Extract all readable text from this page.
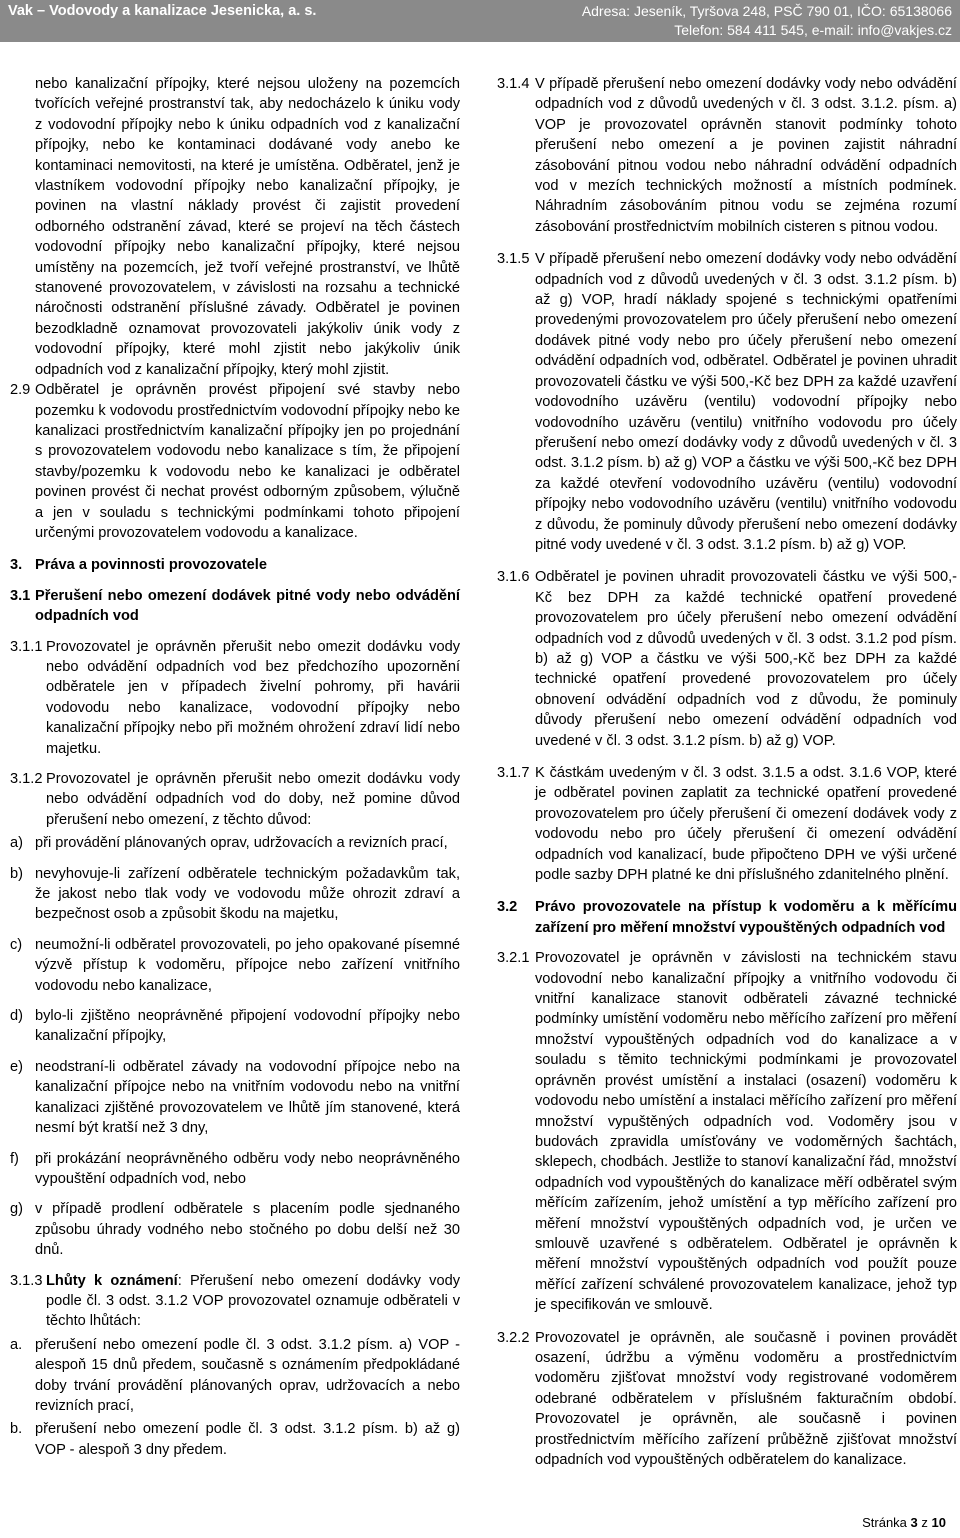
Vak – Vodovody a kanalizace Jesenicka, a. s.	Adresa: Jeseník, Tyršova 248, PSČ 790 01, IČO: 65138066
Telefon: 584 411 545, e-mail: info@vakjes.cz

nebo kanalizační přípojky, které nejsou uloženy na pozemcích tvořících veřejné prostranství tak, aby nedocházelo k úniku vody z vodovodní přípojky nebo k úniku odpadních vod z kanalizační přípojky, nebo ke kontaminaci dodávané vody anebo ke kontaminaci nemovitosti, na které je umístěna. Odběratel, jenž je vlastníkem vodovodní přípojky nebo kanalizační přípojky, je povinen na vlastní náklady provést či zajistit provedení odborného odstranění závad, které se projeví na těch částech vodovodní přípojky nebo kanalizační přípojky, které nejsou umístěny na pozemcích, jež tvoří veřejné prostranství, ve lhůtě stanovené provozovatelem, v závislosti na rozsahu a technické náročnosti odstranění příslušné závady. Odběratel je povinen bezodkladně oznamovat provozovateli jakýkoliv únik vody z vodovodní přípojky, které mohl zjistit nebo jakýkoliv únik odpadních vod z kanalizační přípojky, který mohl zjistit.

2.9 Odběratel je oprávněn provést připojení své stavby nebo pozemku k vodovodu prostřednictvím vodovodní přípojky nebo ke kanalizaci prostřednictvím kanalizační přípojky jen po projednání s provozovatelem vodovodu nebo kanalizace s tím, že připojení stavby/pozemku k vodovodu nebo ke kanalizaci je odběratel povinen provést či nechat provést odborným způsobem, výlučně a jen v souladu s technickými podmínkami tohoto připojení určenými provozovatelem vodovodu a kanalizace.
3. Práva a povinnosti provozovatele
3.1 Přerušení nebo omezení dodávek pitné vody nebo odvádění odpadních vod
3.1.1 Provozovatel je oprávněn přerušit nebo omezit dodávku vody nebo odvádění odpadních vod bez předchozího upozornění odběratele jen v případech živelní pohromy, při havárii vodovodu nebo kanalizace, vodovodní přípojky nebo kanalizační přípojky nebo při možném ohrožení zdraví lidí nebo majetku.
3.1.2 Provozovatel je oprávněn přerušit nebo omezit dodávku vody nebo odvádění odpadních vod do doby, než pomine důvod přerušení nebo omezení, z těchto důvod:
a) při provádění plánovaných oprav, udržovacích a revizních prací,
b) nevyhovuje-li zařízení odběratele technickým požadavkům tak, že jakost nebo tlak vody ve vodovodu může ohrozit zdraví a bezpečnost osob a způsobit škodu na majetku,
c) neumožní-li odběratel provozovateli, po jeho opakované písemné výzvě přístup k vodoměru, přípojce nebo zařízení vnitřního vodovodu nebo kanalizace,
d) bylo-li zjištěno neoprávněné připojení vodovodní přípojky nebo kanalizační přípojky,
e) neodstraní-li odběratel závady na vodovodní přípojce nebo na kanalizační přípojce nebo na vnitřním vodovodu nebo na vnitřní kanalizaci zjištěné provozovatelem ve lhůtě jím stanovené, která nesmí být kratší než 3 dny,
f)	při prokázání neoprávněného odběru vody nebo neoprávněného vypouštění odpadních vod, nebo
g) v případě prodlení odběratele s placením podle sjednaného způsobu úhrady vodného nebo stočného po dobu delší než 30 dnů.
3.1.3 Lhůty k oznámení: Přerušení nebo omezení dodávky vody podle čl. 3 odst. 3.1.2 VOP provozovatel oznamuje odběrateli v těchto lhůtách:
a. přerušení nebo omezení podle čl. 3 odst. 3.1.2 písm. a) VOP - alespoň 15 dnů předem, současně s oznámením předpokládané doby trvání provádění plánovaných oprav, udržovacích a nebo revizních prací,
b. přerušení nebo omezení podle čl. 3 odst. 3.1.2 písm. b) až g) VOP - alespoň 3 dny předem.
3.1.4 V případě přerušení nebo omezení dodávky vody nebo odvádění odpadních vod z důvodů uvedených v čl. 3 odst. 3.1.2. písm. a) VOP je provozovatel oprávněn stanovit podmínky tohoto přerušení nebo omezení a je povinen zajistit náhradní zásobování pitnou vodou nebo náhradní odvádění odpadních vod v mezích technických možností a místních podmínek. Náhradním zásobováním pitnou vodu se zejména rozumí zásobování prostřednictvím mobilních cisteren s pitnou vodou.
3.1.5 V případě přerušení nebo omezení dodávky vody nebo odvádění odpadních vod z důvodů uvedených v čl. 3 odst. 3.1.2 písm. b) až g) VOP, hradí náklady spojené s technickými opatřeními provedenými provozovatelem pro účely přerušení nebo omezení dodávek pitné vody nebo pro účely přerušení nebo omezení odvádění odpadních vod, odběratel. Odběratel je povinen uhradit provozovateli částku ve výši 500,-Kč bez DPH za každé uzavření vodovodního uzávěru (ventilu) vodovodní přípojky nebo vodovodního uzávěru (ventilu) vnitřního vodovodu pro účely přerušení nebo omezí dodávky vody z důvodů uvedených v čl. 3 odst. 3.1.2 písm. b) až g) VOP a částku ve výši 500,-Kč bez DPH za každé otevření vodovodního uzávěru (ventilu) vodovodní přípojky nebo vodovodního uzávěru (ventilu) vnitřního vodovodu z důvodu, že pominuly důvody přerušení nebo omezení dodávky pitné vody uvedené v čl. 3 odst. 3.1.2 písm. b) až g) VOP.
3.1.6 Odběratel je povinen uhradit provozovateli částku ve výši 500,- Kč bez DPH za každé technické opatření provedené provozovatelem pro účely přerušení nebo omezení odvádění odpadních vod z důvodů uvedených v čl. 3 odst. 3.1.2 pod písm. b) až g) VOP a částku ve výši 500,-Kč bez DPH za každé technické opatření provedené provozovatelem pro účely obnovení odvádění odpadních vod z důvodu, že pominuly důvody přerušení nebo omezení odvádění odpadních vod uvedené v čl. 3 odst. 3.1.2 písm. b) až g) VOP.
3.1.7 K částkám uvedeným v čl. 3 odst. 3.1.5 a odst. 3.1.6 VOP, které je odběratel povinen zaplatit za technické opatření provedené provozovatelem pro účely přerušení či omezení dodávek vody z vodovodu nebo pro účely přerušení či omezení odvádění odpadních vod kanalizací, bude připočteno DPH ve výši určené podle sazby DPH platné ke dni příslušného zdanitelného plnění.
3.2	Právo provozovatele na přístup k vodoměru a k měřícímu zařízení pro měření množství vypouštěných odpadních vod
3.2.1 Provozovatel je oprávněn v závislosti na technickém stavu vodovodní nebo kanalizační přípojky a vnitřního vodovodu či vnitřní kanalizace stanovit odběrateli závazné technické podmínky umístění vodoměru nebo měřícího zařízení pro měření množství vypouštěných odpadních vod do kanalizace a v souladu s těmito technickými podmínkami je provozovatel oprávněn provést umístění a instalaci (osazení) vodoměru k vodovodu nebo umístění a instalaci měřícího zařízení pro měření množství vypuštěných odpadních vod. Vodoměry jsou v budovách zpravidla umísťovány ve vodoměrných šachtách, sklepech, chodbách. Jestliže to stanoví kanalizační řád, množství odpadních vod vypouštěných do kanalizace měří odběratel svým měřícím zařízením, jehož umístění a typ měřícího zařízení pro měření množství vypouštěných odpadních vod, je určen ve smlouvě uzavřené s odběratelem. Odběratel je oprávněn k měření množství vypouštěných odpadních vod použít pouze měřící zařízení schválené provozovatelem kanalizace, jehož typ je specifikován ve smlouvě.
3.2.2 Provozovatel je oprávněn, ale současně i povinen provádět osazení, údržbu a výměnu vodoměru a prostřednictvím vodoměru zjišťovat množství vody registrované vodoměrem odebrané odběratelem v příslušném fakturačním období. Provozovatel je oprávněn, ale současně i povinen prostřednictvím měřícího zařízení průběžně zjišťovat množství odpadních vod vypouštěných odběratelem do kanalizace.
Stránka 3 z 10
